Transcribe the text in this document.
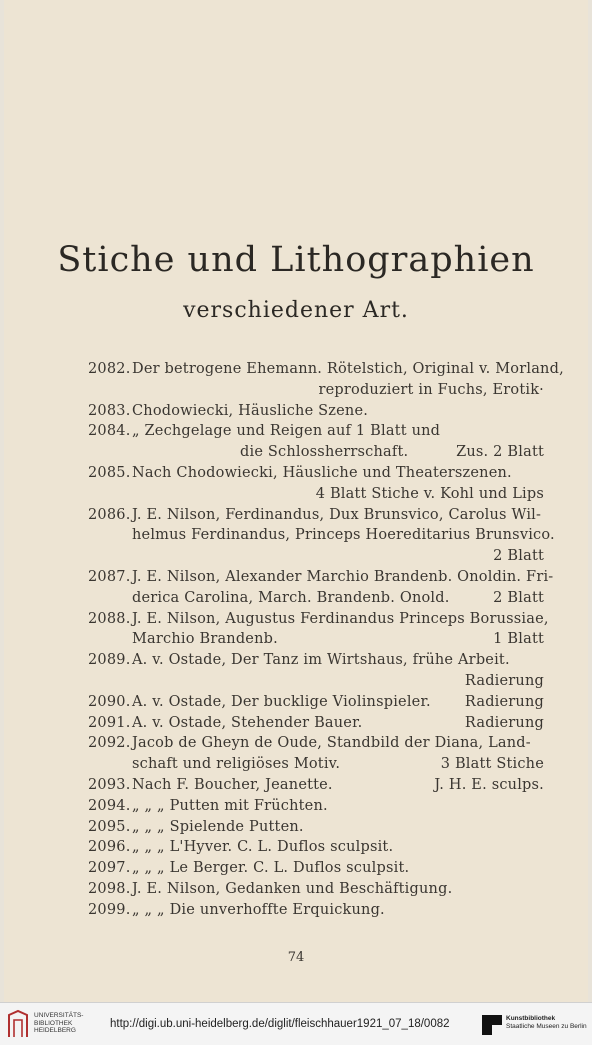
Stiche und Lithographien
verschiedener Art.
2082. Der betrogene Ehemann. Rötelstich, Original v. Morland,
reproduziert in Fuchs, Erotik·
2083. Chodowiecki, Häusliche Szene.
2084. „ Zechgelage und Reigen auf 1 Blatt und
die Schlossherrschaft.	Zus. 2 Blatt
2085. Nach Chodowiecki, Häusliche und Theaterszenen.
4 Blatt Stiche v. Kohl und Lips
2086. J. E. Nilson, Ferdinandus, Dux Brunsvico, Carolus Wil-
helmus Ferdinandus, Princeps Hoereditarius Brunsvico.
2 Blatt
2087. J. E. Nilson, Alexander Marchio Brandenb. Onoldin. Fri-
derica Carolina, March. Brandenb. Onold.	2 Blatt
2088. J. E. Nilson, Augustus Ferdinandus Princeps Borussiae,
Marchio Brandenb.	1 Blatt
2089. A. v. Ostade, Der Tanz im Wirtshaus, frühe Arbeit.
Radierung
2090. A. v. Ostade, Der bucklige Violinspieler. Radierung
2091. A. v. Ostade, Stehender Bauer.	Radierung
2092. Jacob de Gheyn de Oude, Standbild der Diana, Land-
schaft und religiöses Motiv.	3 Blatt Stiche
2093. Nach F. Boucher, Jeanette.	J. H. E. sculps.
2094. „ „ „ Putten mit Früchten.
2095. „ „ „ Spielende Putten.
2096. „ „ „ L'Hyver. C. L. Duflos sculpsit.
2097. „ „ „ Le Berger. C. L. Duflos sculpsit.
2098. J. E. Nilson, Gedanken und Beschäftigung.
2099. „ „ „ Die unverhoffte Erquickung.
74
UNIVERSITÄTS-
BIBLIOTHEK
HEIDELBERG
http://digi.ub.uni-heidelberg.de/diglit/fleischhauer1921_07_18/0082	Kunstbibliothek
Staatliche Museen zu Berlin
